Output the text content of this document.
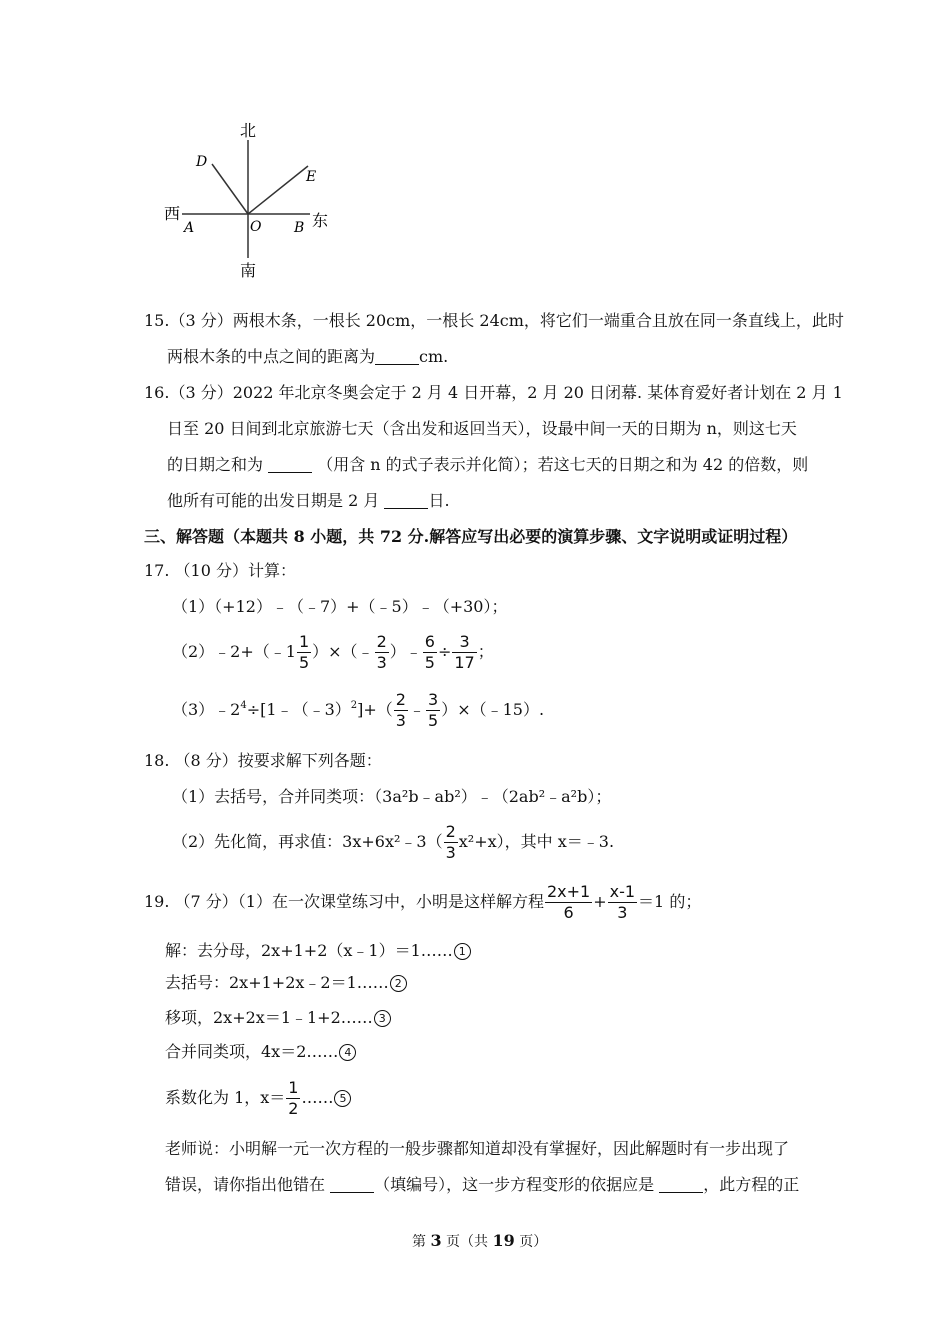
北
南
西	东
A	O B
D
E
15.（3 分）两根木条，一根长 20cm，一根长 24cm，将它们一端重合且放在同一条直线上，此时
两根木条的中点之间的距离为	cm.
16.（3 分）2022 年北京冬奥会定于 2 月 4 日开幕，2 月 20 日闭幕. 某体育爱好者计划在 2 月 1
日至 20 日间到北京旅游七天（含出发和返回当天），设最中间一天的日期为 n，则这七天
的日期之和为	（用含 n 的式子表示并化简）；若这七天的日期之和为 42 的倍数，则
他所有可能的出发日期是 2 月	日.
三、解答题（本题共 8 小题，共 72 分.解答应写出必要的演算步骤、文字说明或证明过程）
17. （10 分）计算：
（1）（+12）﹣（﹣7）+（﹣5）﹣（+30）；
（2）﹣2+（﹣1 $\frac{1}{5}$ ）×（﹣ $\frac{2}{3}$ ）﹣ $\frac{6}{5} \div \frac{3}{17}$ ；
$(3)﹣2^4\div[1﹣(﹣3)^2]+( \frac{2}{3}$ ﹣ $\frac{3}{5}$ ）×（﹣15）.
18. （8 分）按要求解下列各题：
（1）去括号，合并同类项：（3a²b﹣ab²）﹣（2ab²﹣a²b）；
（2）先化简，再求值：3x+6x²﹣3（ $\frac{2}{3} x^2+x$），其中 x＝﹣3.
19. （7 分）（1）在一次课堂练习中，小明是这样解方程 $\frac{2x+1}{6} + \frac{x-1}{3} =1$ 的；
解：去分母，2x+1+2（x﹣1）＝1…… 1
去括号：2x+1+2x﹣2＝1…… 2
移项，2x+2x＝1﹣1+2…… 3
合并同类项，4x＝2…… 4
系数化为 1，$x= \frac{1}{2}$ …… 5
老师说：小明解一元一次方程的一般步骤都知道却没有掌握好，因此解题时有一步出现了
错误，请你指出他错在	（填编号），这一步方程变形的依据应是	，此方程的正
第 3 页（共 19 页）
